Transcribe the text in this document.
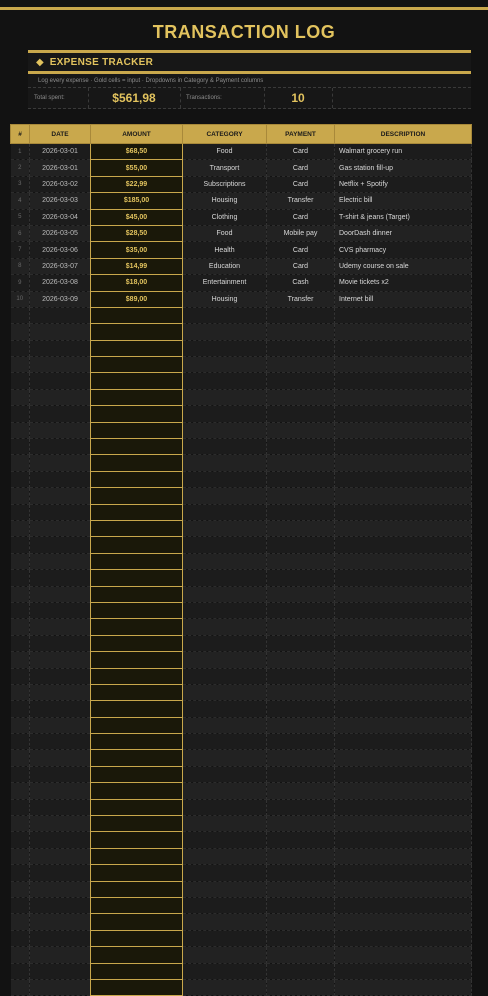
TRANSACTION LOG
◆ EXPENSE TRACKER
Log every expense · Gold cells = input · Dropdowns in Category & Payment columns
Total spent:	$561,98	Transactions:	10
#	DATE	AMOUNT	CATEGORY	PAYMENT	DESCRIPTION
1	2026-03-01	$68,50	Food	Card	Walmart grocery run
2	2026-03-01	$55,00	Transport	Card	Gas station fill-up
3	2026-03-02	$22,99	Subscriptions	Card	Netflix + Spotify
4	2026-03-03	$185,00	Housing	Transfer	Electric bill
5	2026-03-04	$45,00	Clothing	Card	T-shirt & jeans (Target)
6	2026-03-05	$28,50	Food	Mobile pay	DoorDash dinner
7	2026-03-06	$35,00	Health	Card	CVS pharmacy
8	2026-03-07	$14,99	Education	Card	Udemy course on sale
9	2026-03-08	$18,00	Entertainment	Cash	Movie tickets x2
10	2026-03-09	$89,00	Housing	Transfer	Internet bill
